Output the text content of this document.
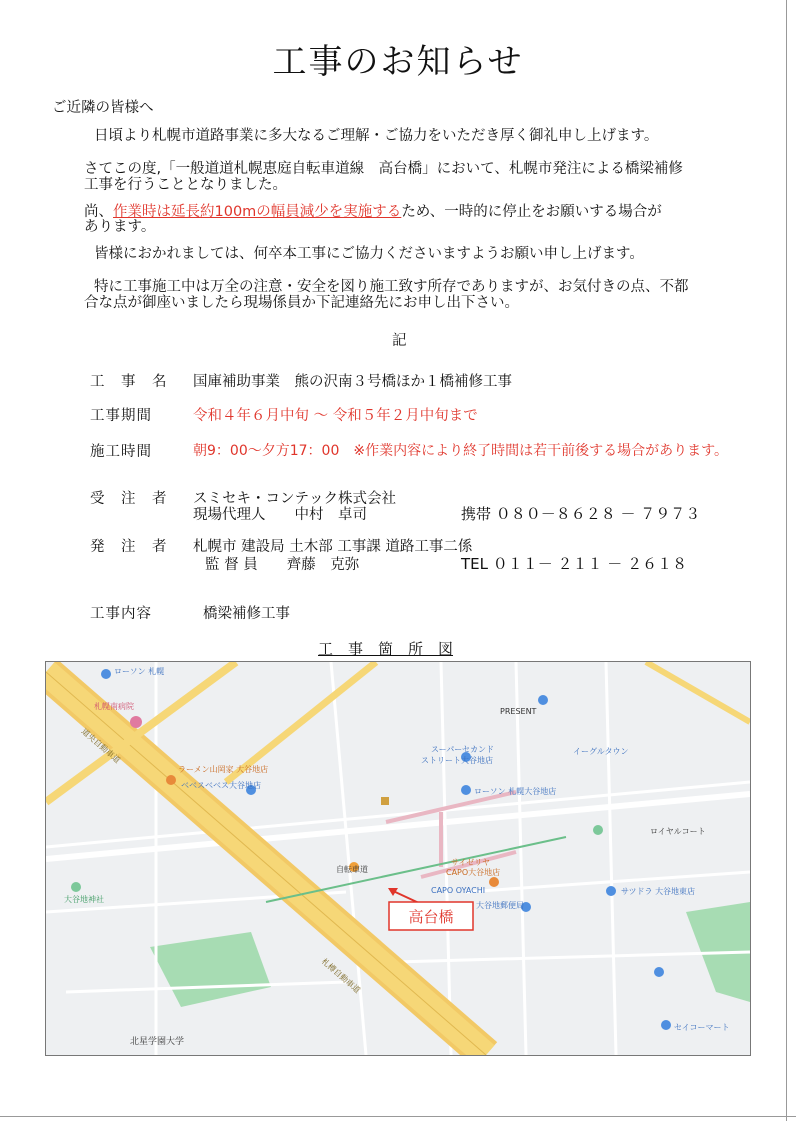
工事のお知らせ
ご近隣の皆様へ
日頃より札幌市道路事業に多大なるご理解・ご協力をいただき厚く御礼申し上げます。
さてこの度,「一般道道札幌恵庭自転車道線　高台橋」において、札幌市発注による橋梁補修
工事を行うこととなりました。
尚、作業時は延長約100mの幅員減少を実施するため、一時的に停止をお願いする場合が
あります。
皆様におかれましては、何卒本工事にご協力くださいますようお願い申し上げます。
特に工事施工中は万全の注意・安全を図り施工致す所存でありますが、お気付きの点、不都
合な点が御座いましたら現場係員か下記連絡先にお申し出下さい。
記
工　事　名 国庫補助事業　熊の沢南３号橋ほか１橋補修工事
工事期間	令和４年６月中旬 ～ 令和５年２月中旬まで
施工時間	朝9：00～夕方17：00　※作業内容により終了時間は若干前後する場合があります。
受　注　者 スミセキ・コンテック株式会社
現場代理人　　中村　卓司	携帯 ０８０－８６２８ － ７９７３
発　注　者 札幌市 建設局 土木部 工事課 道路工事二係
監 督 員　　齊藤　克弥	TEL ０１１－ ２１１ － ２６１８
工事内容	橋梁補修工事
工　事　箇　所　図
高台橋
ローソン 札幌
札幌南病院
スーパーセカンド
ストリート大谷地店
ローソン 札幌大谷地店
イーグルタウン
ベベスベベス大谷地店
ラーメン山岡家 大谷地店
サイゼリヤ
CAPO大谷地店
CAPO OYACHI
大谷地郵便局
大谷地神社
北星学園大学
サツドラ 大谷地東店
セイコーマート
ロイヤルコート
PRESENT
道央自動車道
札樽自動車道
自転車道
